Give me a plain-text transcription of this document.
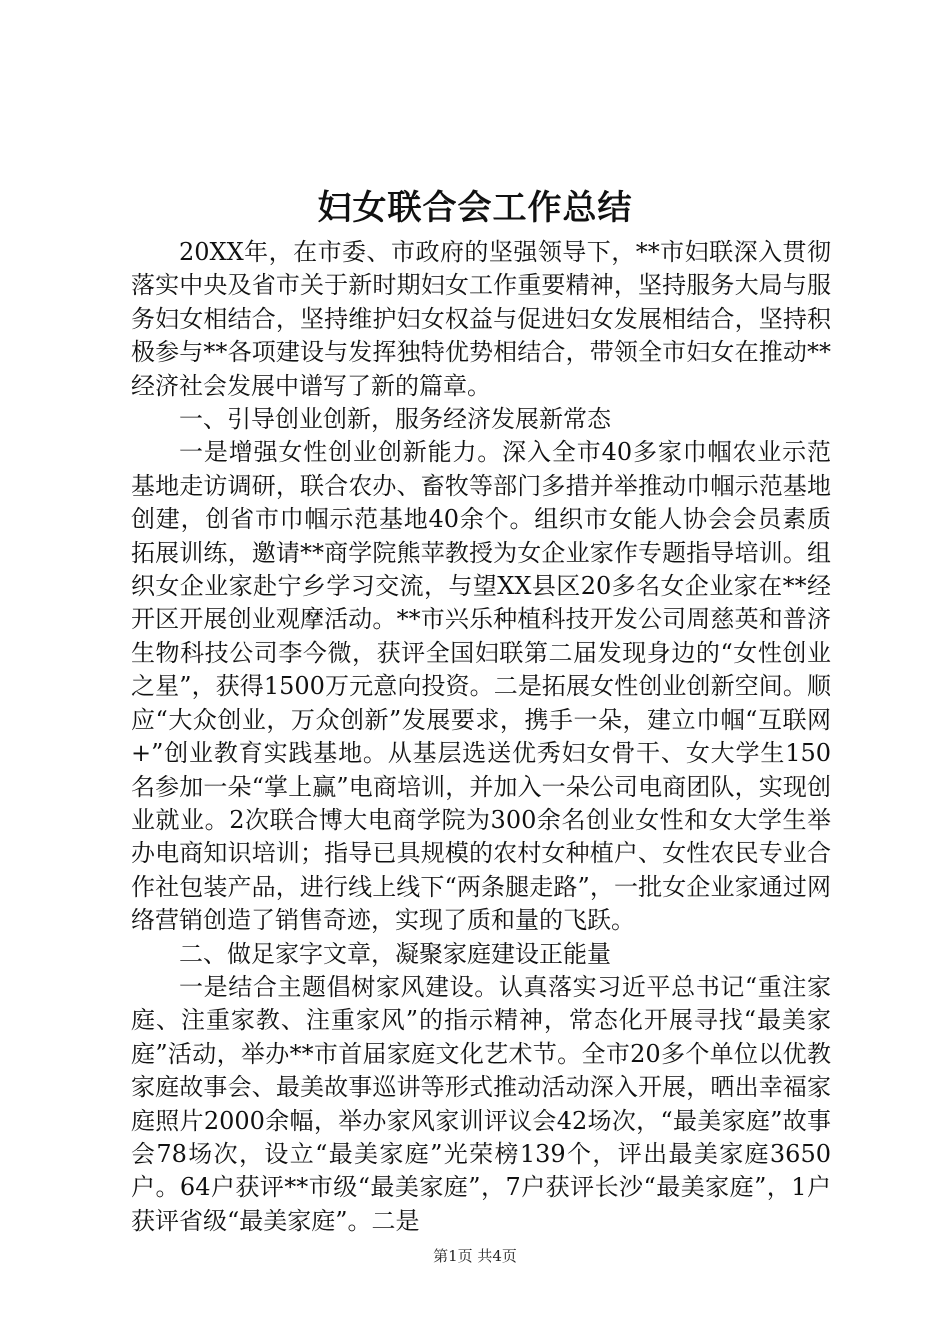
妇女联合会工作总结

20XX年，在市委、市政府的坚强领导下，**市妇联深入贯彻落实中央及省市关于新时期妇女工作重要精神，坚持服务大局与服务妇女相结合，坚持维护妇女权益与促进妇女发展相结合，坚持积极参与**各项建设与发挥独特优势相结合，带领全市妇女在推动**经济社会发展中谱写了新的篇章。

一、引导创业创新，服务经济发展新常态

一是增强女性创业创新能力。深入全市40多家巾帼农业示范基地走访调研，联合农办、畜牧等部门多措并举推动巾帼示范基地创建，创省市巾帼示范基地40余个。组织市女能人协会会员素质拓展训练，邀请**商学院熊苹教授为女企业家作专题指导培训。组织女企业家赴宁乡学习交流，与望XX县区20多名女企业家在**经开区开展创业观摩活动。**市兴乐种植科技开发公司周慈英和普济生物科技公司李今微，获评全国妇联第二届发现身边的“女性创业之星”，获得1500万元意向投资。二是拓展女性创业创新空间。顺应“大众创业，万众创新”发展要求，携手一朵，建立巾帼“互联网+”创业教育实践基地。从基层选送优秀妇女骨干、女大学生150名参加一朵“掌上赢”电商培训，并加入一朵公司电商团队，实现创业就业。2次联合博大电商学院为300余名创业女性和女大学生举办电商知识培训；指导已具规模的农村女种植户、女性农民专业合作社包装产品，进行线上线下“两条腿走路”，一批女企业家通过网络营销创造了销售奇迹，实现了质和量的飞跃。

二、做足家字文章，凝聚家庭建设正能量

一是结合主题倡树家风建设。认真落实习近平总书记“重注家庭、注重家教、注重家风”的指示精神，常态化开展寻找“最美家庭”活动，举办**市首届家庭文化艺术节。全市20多个单位以优教家庭故事会、最美故事巡讲等形式推动活动深入开展，晒出幸福家庭照片2000余幅，举办家风家训评议会42场次，“最美家庭”故事会78场次，设立“最美家庭”光荣榜139个，评出最美家庭3650户。64户获评**市级“最美家庭”，7户获评长沙“最美家庭”，1户获评省级“最美家庭”。二是

第1页 共4页
